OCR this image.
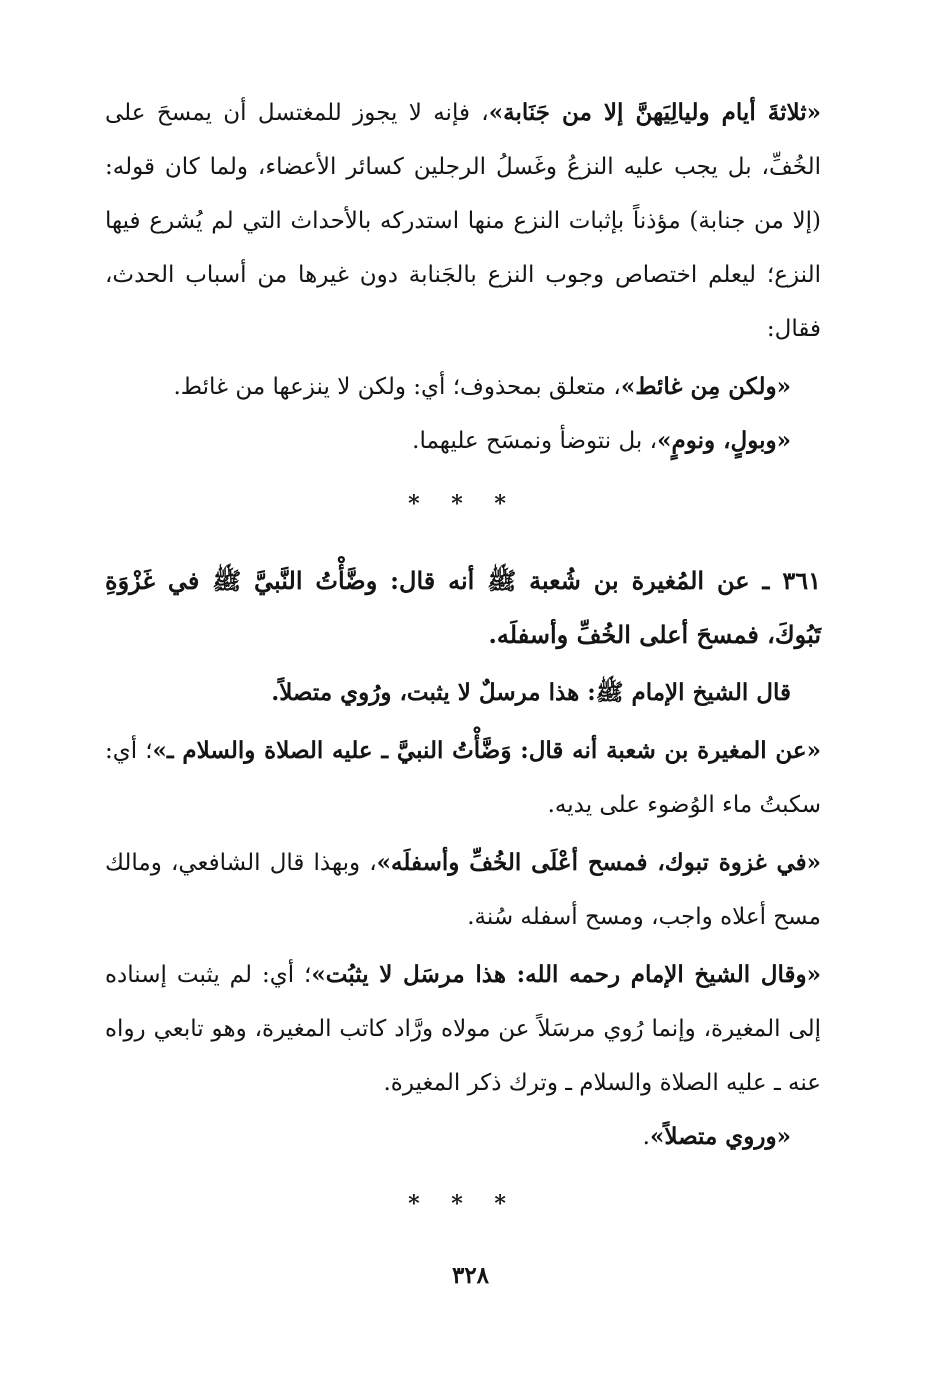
«ثلاثةَ أيام وليالِيَهنَّ إلا من جَنَابة»، فإنه لا يجوز للمغتسل أن يمسحَ على الخُفِّ، بل يجب عليه النزعُ وغَسلُ الرجلين كسائر الأعضاء، ولما كان قوله: (إلا من جنابة) مؤذناً بإثبات النزع منها استدركه بالأحداث التي لم يُشرع فيها النزع؛ ليعلم اختصاص وجوب النزع بالجَنابة دون غيرها من أسباب الحدث، فقال:

«ولكن مِن غائط»، متعلق بمحذوف؛ أي: ولكن لا ينزعها من غائط.

«وبولٍ، ونومٍ»، بل نتوضأ ونمسَح عليهما.

* * *

٣٦١ ـ عن المُغيرة بن شُعبة ﷺ أنه قال: وضَّأْتُ النَّبيَّ ﷺ في غَزْوَةِ تَبُوكَ، فمسحَ أعلى الخُفِّ وأسفلَه.

قال الشيخ الإمام ﷺ: هذا مرسلٌ لا يثبت، ورُوي متصلاً.

«عن المغيرة بن شعبة أنه قال: وَضَّأْتُ النبيَّ ـ عليه الصلاة والسلام ـ»؛ أي: سكبتُ ماء الوُضوء على يديه.

«في غزوة تبوك، فمسح أعْلَى الخُفِّ وأسفلَه»، وبهذا قال الشافعي، ومالك مسح أعلاه واجب، ومسح أسفله سُنة.

«وقال الشيخ الإمام رحمه الله: هذا مرسَل لا يثبُت»؛ أي: لم يثبت إسناده إلى المغيرة، وإنما رُوي مرسَلاً عن مولاه ورَّاد كاتب المغيرة، وهو تابعي رواه عنه ـ عليه الصلاة والسلام ـ وترك ذكر المغيرة.

«وروي متصلاً».

* * *
٣٢٨
